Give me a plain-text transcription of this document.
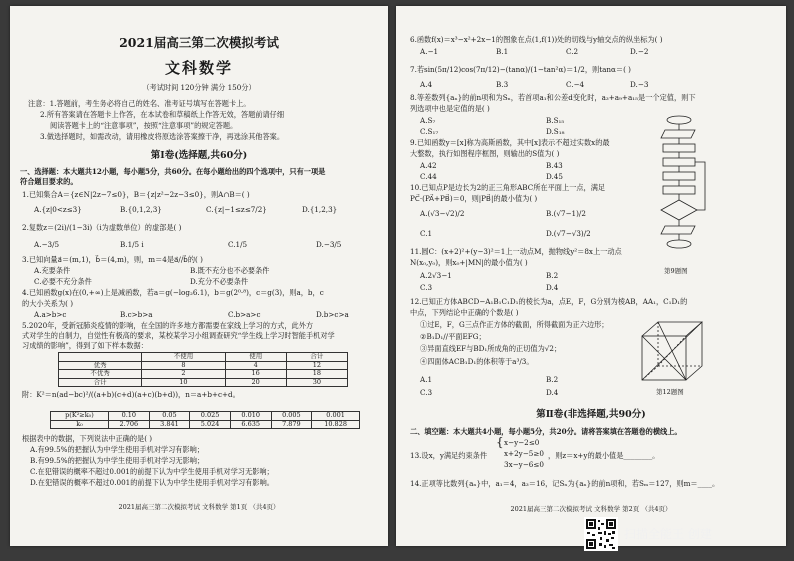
2021届高三第二次模拟考试
文科数学
（考试时间 120分钟 满分 150分）
注意：1.答题前，考生务必将自己的姓名、准考证号填写在答题卡上。
2.所有答案请在答题卡上作答，在本试卷和草稿纸上作答无效，答题前请仔细
阅读答题卡上的“注意事项”，按照“注意事项”的规定答题。
3.做选择题时，如需改动，请用橡皮将原选涂答案擦干净，再选涂其他答案。
第Ⅰ卷(选择题,共60分)
一、选择题：本大题共12小题，每小题5分，共60分。在每小题给出的四个选项中，只有一项是
符合题目要求的。
1.已知集合A＝{z∈N|2z−7≤0}，B＝{z|z²−2z−3≤0}，则A∩B＝( )
A.{z|0<z≤3}	B.{0,1,2,3}	C.{z|−1≤z≤7/2}	D.{1,2,3}
2.复数z＝(2i)/(1−3i)（i为虚数单位）的虚部是( )
A.−3/5	B.1/5 i	C.1/5	D.−3/5
3.已知向量a⃗＝(m,1)，b⃗＝(4,m)，则，m＝4是a⃗//b⃗的( )
A.充要条件	B.既不充分也不必要条件
C.必要不充分条件	D.充分不必要条件
4.已知函数g(x)在(0,+∞)上是减函数，若a＝g(−log₂6.1)，b＝g(2⁰·⁸)，c＝g(3)，则a，b，c
的大小关系为( )
A.a>b>c	B.c>b>a	C.b>a>c	D.b>c>a
5.2020年，受新冠肺炎疫情的影响，在全国的许多地方都需要在家线上学习的方式，此外方
式对学生的自制力，自觉性有极高的要求，某校某学习小组调查研究“学生线上学习时智能手机对学
习成绩的影响”，得到了如下样本数据：
	不使用	使用	合计
优秀	8	4	12
不优秀	2	16	18
合计	10	20	30
附：K²＝n(ad−bc)²/((a+b)(c+d)(a+c)(b+d))，n＝a+b+c+d。
p(K²≥k₀)	0.10	0.05	0.025	0.010	0.005	0.001
k₀	2.706	3.841	5.024	6.635	7.879	10.828
根据表中的数据，下列说法中正确的是( )
A.有99.5%的把握认为中学生使用手机对学习有影响；
B.有99.5%的把握认为中学生使用手机对学习无影响；
C.在犯错误的概率不超过0.001的前提下认为中学生使用手机对学习无影响；
D.在犯错误的概率不超过0.001的前提下认为中学生使用手机对学习有影响。
2021届高三第二次模拟考试 文科数学 第1页 （共4页）
6.函数f(x)＝x³−x²+2x−1的图象在点(1,f(1))处的切线与y轴交点的纵坐标为( )
A.−1	B.1	C.2	D.−2
7.若sin(5π/12)cos(7π/12)−(tanα)/(1−tan²α)＝1/2，则tanα＝( )
A.4	B.3	C.−4	D.−3
8.等差数列{aₙ}的前n项和为Sₙ，若首项a₁和公差d变化时，a₃+a₉+a₁₅是一个定值，则下
列选项中也是定值的是( )
A.S₇	B.S₁₅
C.S₁₇	D.S₁₈
9.已知函数y＝[x]称为高斯函数，其中[x]表示不超过实数x的最
大整数，执行如图程序框图，则输出的S值为( )
A.42	B.43
C.44	D.45
第9题图
10.已知点P是边长为2的正三角形ABC所在平面上一点，满足
PC⃗·(PA⃗+PB⃗)＝0，则|PB⃗|的最小值为( )
A.(√3−√2)/2	B.(√7−1)/2
C.1	D.(√7−√3)/2
11.圆C：(x+2)²+(y−3)²＝1上一动点M，抛物线y²＝8x上一动点
N(x₀,y₀)，则x₀+|MN|的最小值为( )
A.2√3−1	B.2
C.3	D.4
12.已知正方体ABCD−A₁B₁C₁D₁的棱长为a，点E，F，G分别为棱AB，AA₁，C₁D₁的
中点，下列结论中正确的个数是( )
①过E，F，G三点作正方体的截面，所得截面为正六边形；
②B₁D₁//平面EFG；
③异面直线EF与BD₁所成角的正切值为√2；
④四面体ACB₁D₁的体积等于a³/3。
A.1	B.2
C.3	D.4	第12题图
第Ⅱ卷(非选择题,共90分)
二、填空题：本大题共4小题，每小题5分，共20分。请将答案填在答题卷的横线上。
13.设x，y满足约束条件
{ x−y−2≤0
x+2y−5≥0
3x−y−6≤0
，则z＝x+y的最小值是________。
14.正项等比数列{aₙ}中，a₁＝4，a₃＝16，记Sₙ为{aₙ}的前n项和，若Sₘ＝127，则m＝____。
2021届高三第二次模拟考试 文科数学 第2页 （共4页）
扫描全能王 创建
